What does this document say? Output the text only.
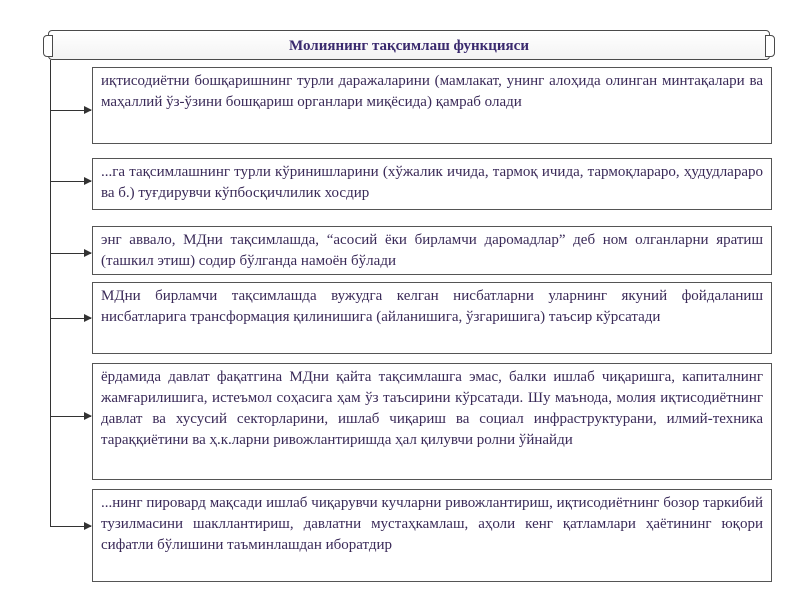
Молиянинг тақсимлаш функцияси
иқтисодиётни бошқаришнинг турли даражаларини (мамлакат, унинг алоҳида олинган минтақалари ва маҳаллий ўз-ўзини бошқариш органлари миқёсида) қамраб олади
...га тақсимлашнинг турли кўринишларини (хўжалик ичида, тармоқ ичида, тармоқлараро, ҳудудлараро ва б.) туғдирувчи кўпбосқичлилик хосдир
энг аввало, МДни тақсимлашда, “асосий ёки бирламчи даромадлар” деб ном олганларни яратиш (ташкил этиш) содир бўлганда намоён бўлади
МДни бирламчи тақсимлашда вужудга келган нисбатларни уларнинг якуний фойдаланиш нисбатларига трансформация қилинишига (айланишига, ўзгаришига) таъсир кўрсатади
ёрдамида давлат фақатгина МДни қайта тақсимлашга эмас, балки ишлаб чиқаришга, капиталнинг жамғарилишига, истеъмол соҳасига ҳам ўз таъсирини кўрсатади. Шу маънода, молия иқтисодиётнинг давлат ва хусусий секторларини, ишлаб чиқариш ва социал инфраструктурани, илмий-техника тараққиётини ва ҳ.к.ларни ривожлантиришда ҳал қилувчи ролни ўйнайди
...нинг пировард мақсади ишлаб чиқарувчи кучларни ривожлантириш, иқтисодиётнинг бозор таркибий тузилмасини шакллантириш, давлатни мустаҳкамлаш, аҳоли кенг қатламлари ҳаётининг юқори сифатли бўлишини таъминлашдан иборатдир
